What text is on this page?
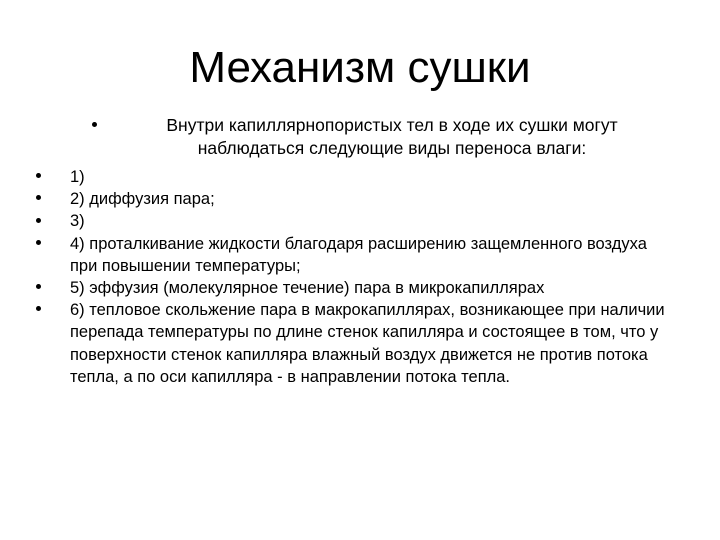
Механизм сушки
Внутри капиллярнопористых тел в ходе их сушки могут наблюдаться следующие виды переноса влаги:
1)
2) диффузия пара;
3)
4) проталкивание жидкости благодаря расширению защемленного воздуха при повышении температуры;
5) эффузия (молекулярное течение) пара в микрокапиллярах
6) тепловое скольжение пара в макрокапиллярах, возникающее при наличии перепада температуры по длине стенок капилляра и состоящее в том, что у поверхности стенок капилляра влажный воздух движется не против потока тепла, а по оси капилляра - в направлении потока тепла.
